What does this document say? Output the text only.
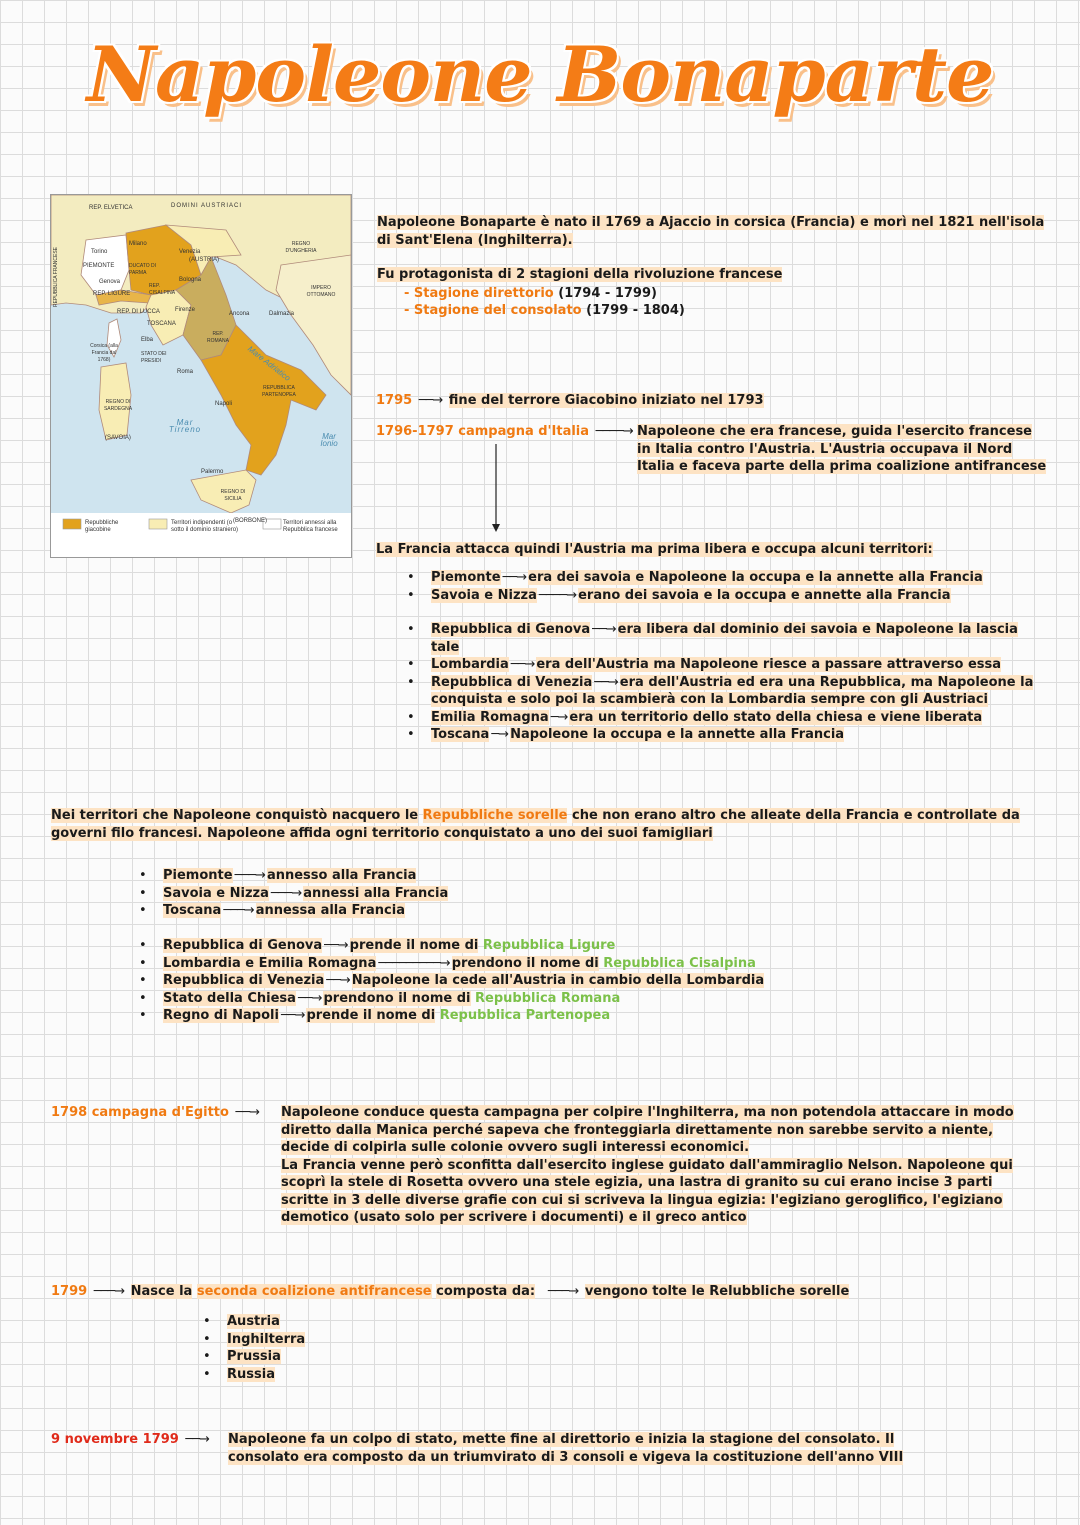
Napoleone Bonaparte
REP. ELVETICA	DOMINI AUSTRIACI
REPUBBLICA FRANCESE	Torino
Milano
PIEMONTE	DUCATO DI PARMA
Genova
REP. LIGURE
Venezia
(AUSTRIA)
Bologna
REP. CISALPINA
REGNO D'UNGHERIA
IMPERO OTTOMANO
REP. DI LUCCA	Firenze
TOSCANA
Ancona	Dalmazia
Mare Adriatico
Corsica (alla Francia dal 1768)
Elba
STATO DEI PRESIDI
REP. ROMANA
Roma
REGNO DI SARDEGNA
(SAVOIA)
Napoli
REPUBBLICA PARTENOPEA
Mar Tirreno
Mar Ionio
Palermo
REGNO DI SICILIA
(BORBONE)
Repubbliche giacobine
Territori indipendenti (o sotto il dominio straniero)
Territori annessi alla Repubblica francese
Napoleone Bonaparte è nato il 1769 a Ajaccio in corsica (Francia) e morì nel 1821 nell'isola di Sant'Elena (Inghilterra).
Fu protagonista di 2 stagioni della rivoluzione francese
- Stagione direttorio (1794 - 1799)
- Stagione del consolato (1799 - 1804)
1795 ──→ fine del terrore Giacobino iniziato nel 1793
1796-1797 campagna d'Italia ────→ Napoleone che era francese, guida l'esercito francese in Italia contro l'Austria. L'Austria occupava il Nord Italia e faceva parte della prima coalizione antifrancese
La Francia attacca quindi l'Austria ma prima libera e occupa alcuni territori:
• Piemonte ──→ era dei savoia e Napoleone la occupa e la annette alla Francia
• Savoia e Nizza ────→ erano dei savoia e la occupa e annette alla Francia
• Repubblica di Genova ──→ era libera dal dominio dei savoia e Napoleone la lascia tale
• Lombardia ──→ era dell'Austria ma Napoleone riesce a passare attraverso essa
• Repubblica di Venezia ──→ era dell'Austria ed era una Repubblica, ma Napoleone la conquista e solo poi la scambierà con la Lombardia sempre con gli Austriaci
• Emilia Romagna ─→ era un territorio dello stato della chiesa e viene liberata
• Toscana ─→ Napoleone la occupa e la annette alla Francia
Nei territori che Napoleone conquistò nacquero le Repubbliche sorelle che non erano altro che alleate della Francia e controllate da governi filo francesi. Napoleone affida ogni territorio conquistato a uno dei suoi famigliari
• Piemonte ───→ annesso alla Francia
• Savoia e Nizza ───→ annessi alla Francia
• Toscana ───→ annessa alla Francia
• Repubblica di Genova ──→ prende il nome di Repubblica Ligure
• Lombardia e Emilia Romagna ─────────→ prendono il nome di Repubblica Cisalpina
• Repubblica di Venezia ──→ Napoleone la cede all'Austria in cambio della Lombardia
• Stato della Chiesa ──→ prendono il nome di Repubblica Romana
• Regno di Napoli ──→ prende il nome di Repubblica Partenopea
1798 campagna d'Egitto ──→ Napoleone conduce questa campagna per colpire l'Inghilterra, ma non potendola attaccare in modo diretto dalla Manica perché sapeva che fronteggiarla direttamente non sarebbe servito a niente, decide di colpirla sulle colonie ovvero sugli interessi economici.
La Francia venne però sconfitta dall'esercito inglese guidato dall'ammiraglio Nelson. Napoleone qui scoprì la stele di Rosetta ovvero una stele egizia, una lastra di granito su cui erano incise 3 parti scritte in 3 delle diverse grafie con cui si scriveva la lingua egizia: l'egiziano geroglifico, l'egiziano demotico (usato solo per scrivere i documenti) e il greco antico
1799 ───→ Nasce la seconda coalizione antifrancese composta da:   ───→ vengono tolte le Relubbliche sorelle
• Austria
• Inghilterra
• Prussia
• Russia
9 novembre 1799 ──→ Napoleone fa un colpo di stato, mette fine al direttorio e inizia la stagione del consolato. Il consolato era composto da un triumvirato di 3 consoli e vigeva la costituzione dell'anno VIII
